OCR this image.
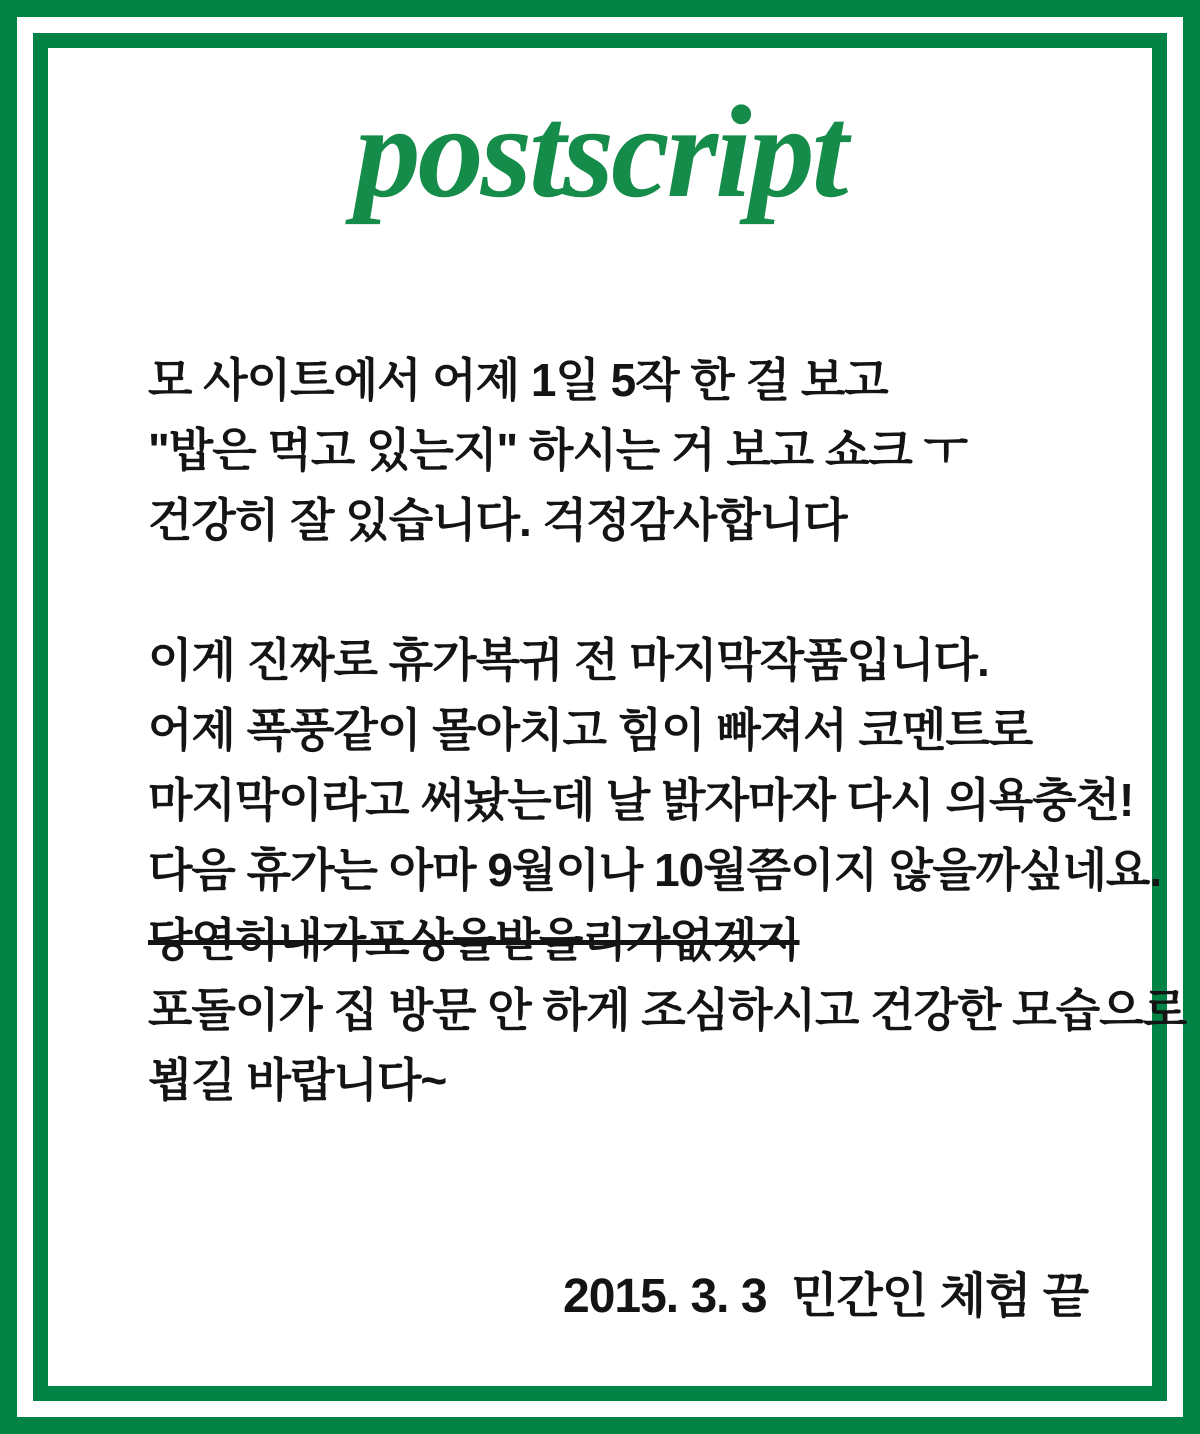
postscript

모 사이트에서 어제 1일 5작 한 걸 보고

"밥은 먹고 있는지" 하시는 거 보고 쇼크 ㅜ

건강히 잘 있습니다. 걱정감사합니다

이게 진짜로 휴가복귀 전 마지막작품입니다.

어제 폭풍같이 몰아치고 힘이 빠져서 코멘트로

마지막이라고 써놨는데 날 밝자마자 다시 의욕충천!

다음 휴가는 아마 9월이나 10월쯤이지 않을까싶네요.

당연히내가포상을받을리가없겠지

포돌이가 집 방문 안 하게 조심하시고 건강한 모습으로

뵙길 바랍니다~

2015. 3. 3  민간인 체험 끝
